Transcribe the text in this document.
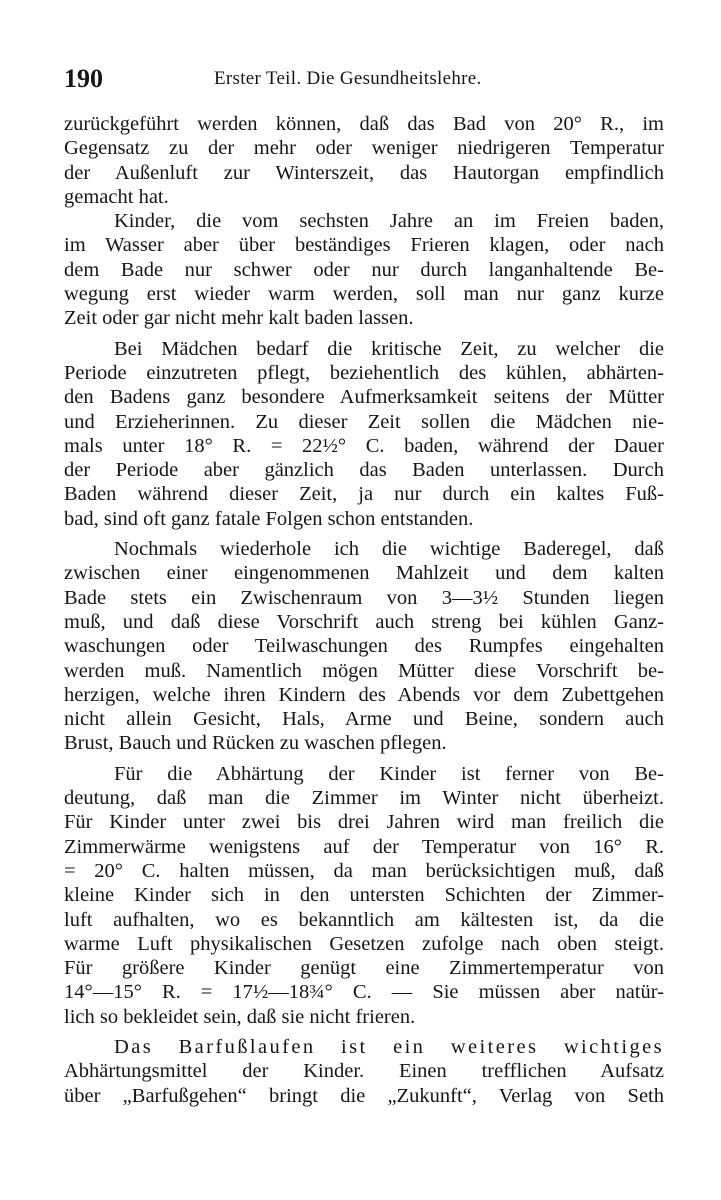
190	Erster Teil. Die Gesundheitslehre.
zurückgeführt werden können, daß das Bad von 20° R., im
Gegensatz zu der mehr oder weniger niedrigeren Temperatur
der Außenluft zur Winterszeit, das Hautorgan empfindlich
gemacht hat.
Kinder, die vom sechsten Jahre an im Freien baden,
im Wasser aber über beständiges Frieren klagen, oder nach
dem Bade nur schwer oder nur durch langanhaltende Be-
wegung erst wieder warm werden, soll man nur ganz kurze
Zeit oder gar nicht mehr kalt baden lassen.
Bei Mädchen bedarf die kritische Zeit, zu welcher die
Periode einzutreten pflegt, beziehentlich des kühlen, abhärten-
den Badens ganz besondere Aufmerksamkeit seitens der Mütter
und Erzieherinnen. Zu dieser Zeit sollen die Mädchen nie-
mals unter 18° R. = 22½° C. baden, während der Dauer
der Periode aber gänzlich das Baden unterlassen. Durch
Baden während dieser Zeit, ja nur durch ein kaltes Fuß-
bad, sind oft ganz fatale Folgen schon entstanden.
Nochmals wiederhole ich die wichtige Baderegel, daß
zwischen einer eingenommenen Mahlzeit und dem kalten
Bade stets ein Zwischenraum von 3—3½ Stunden liegen
muß, und daß diese Vorschrift auch streng bei kühlen Ganz-
waschungen oder Teilwaschungen des Rumpfes eingehalten
werden muß. Namentlich mögen Mütter diese Vorschrift be-
herzigen, welche ihren Kindern des Abends vor dem Zubettgehen
nicht allein Gesicht, Hals, Arme und Beine, sondern auch
Brust, Bauch und Rücken zu waschen pflegen.
Für die Abhärtung der Kinder ist ferner von Be-
deutung, daß man die Zimmer im Winter nicht überheizt.
Für Kinder unter zwei bis drei Jahren wird man freilich die
Zimmerwärme wenigstens auf der Temperatur von 16° R.
= 20° C. halten müssen, da man berücksichtigen muß, daß
kleine Kinder sich in den untersten Schichten der Zimmer-
luft aufhalten, wo es bekanntlich am kältesten ist, da die
warme Luft physikalischen Gesetzen zufolge nach oben steigt.
Für größere Kinder genügt eine Zimmertemperatur von
14°—15° R. = 17½—18¾° C. — Sie müssen aber natür-
lich so bekleidet sein, daß sie nicht frieren.
Das Barfußlaufen ist ein weiteres wichtiges
Abhärtungsmittel der Kinder. Einen trefflichen Aufsatz
über „Barfußgehen“ bringt die „Zukunft“, Verlag von Seth
